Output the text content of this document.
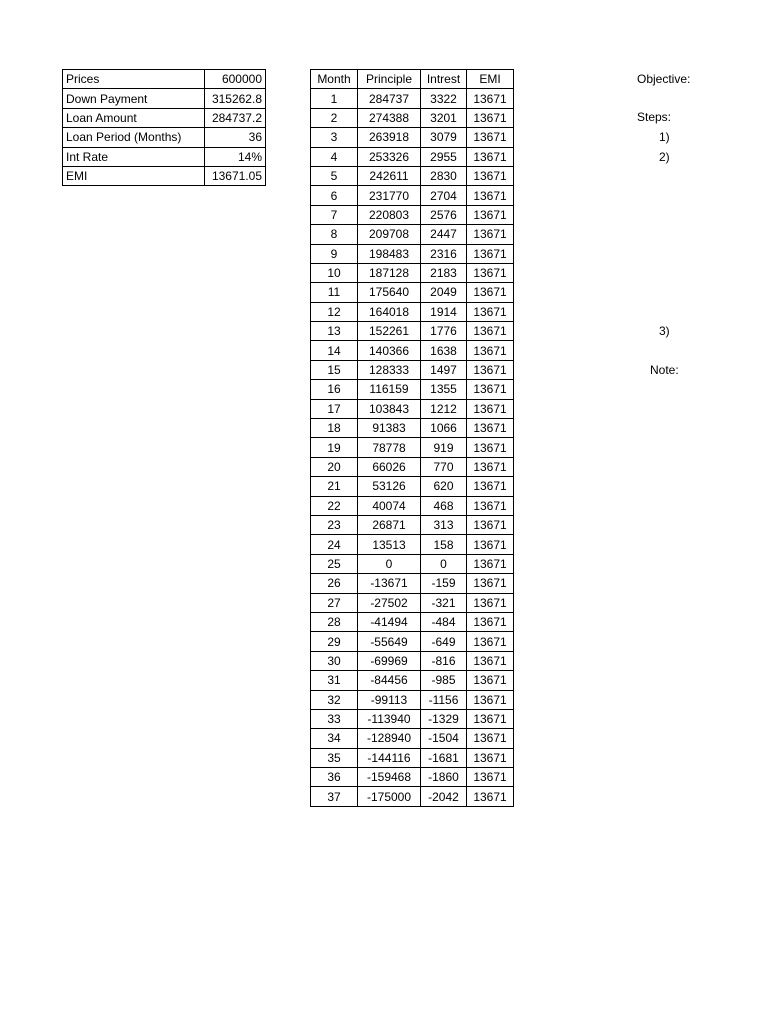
Prices	600000
Down Payment	315262.8
Loan Amount	284737.2
Loan Period (Months)	36
Int Rate	14%
EMI	13671.05
Month	Principle	Intrest	EMI
1	284737	3322	13671
2	274388	3201	13671
3	263918	3079	13671
4	253326	2955	13671
5	242611	2830	13671
6	231770	2704	13671
7	220803	2576	13671
8	209708	2447	13671
9	198483	2316	13671
10	187128	2183	13671
11	175640	2049	13671
12	164018	1914	13671
13	152261	1776	13671
14	140366	1638	13671
15	128333	1497	13671
16	116159	1355	13671
17	103843	1212	13671
18	91383	1066	13671
19	78778	919	13671
20	66026	770	13671
21	53126	620	13671
22	40074	468	13671
23	26871	313	13671
24	13513	158	13671
25	0	0	13671
26	-13671	-159	13671
27	-27502	-321	13671
28	-41494	-484	13671
29	-55649	-649	13671
30	-69969	-816	13671
31	-84456	-985	13671
32	-99113	-1156	13671
33	-113940	-1329	13671
34	-128940	-1504	13671
35	-144116	-1681	13671
36	-159468	-1860	13671
37	-175000	-2042	13671
Objective:
Steps:
1)
2)
3)
Note:
